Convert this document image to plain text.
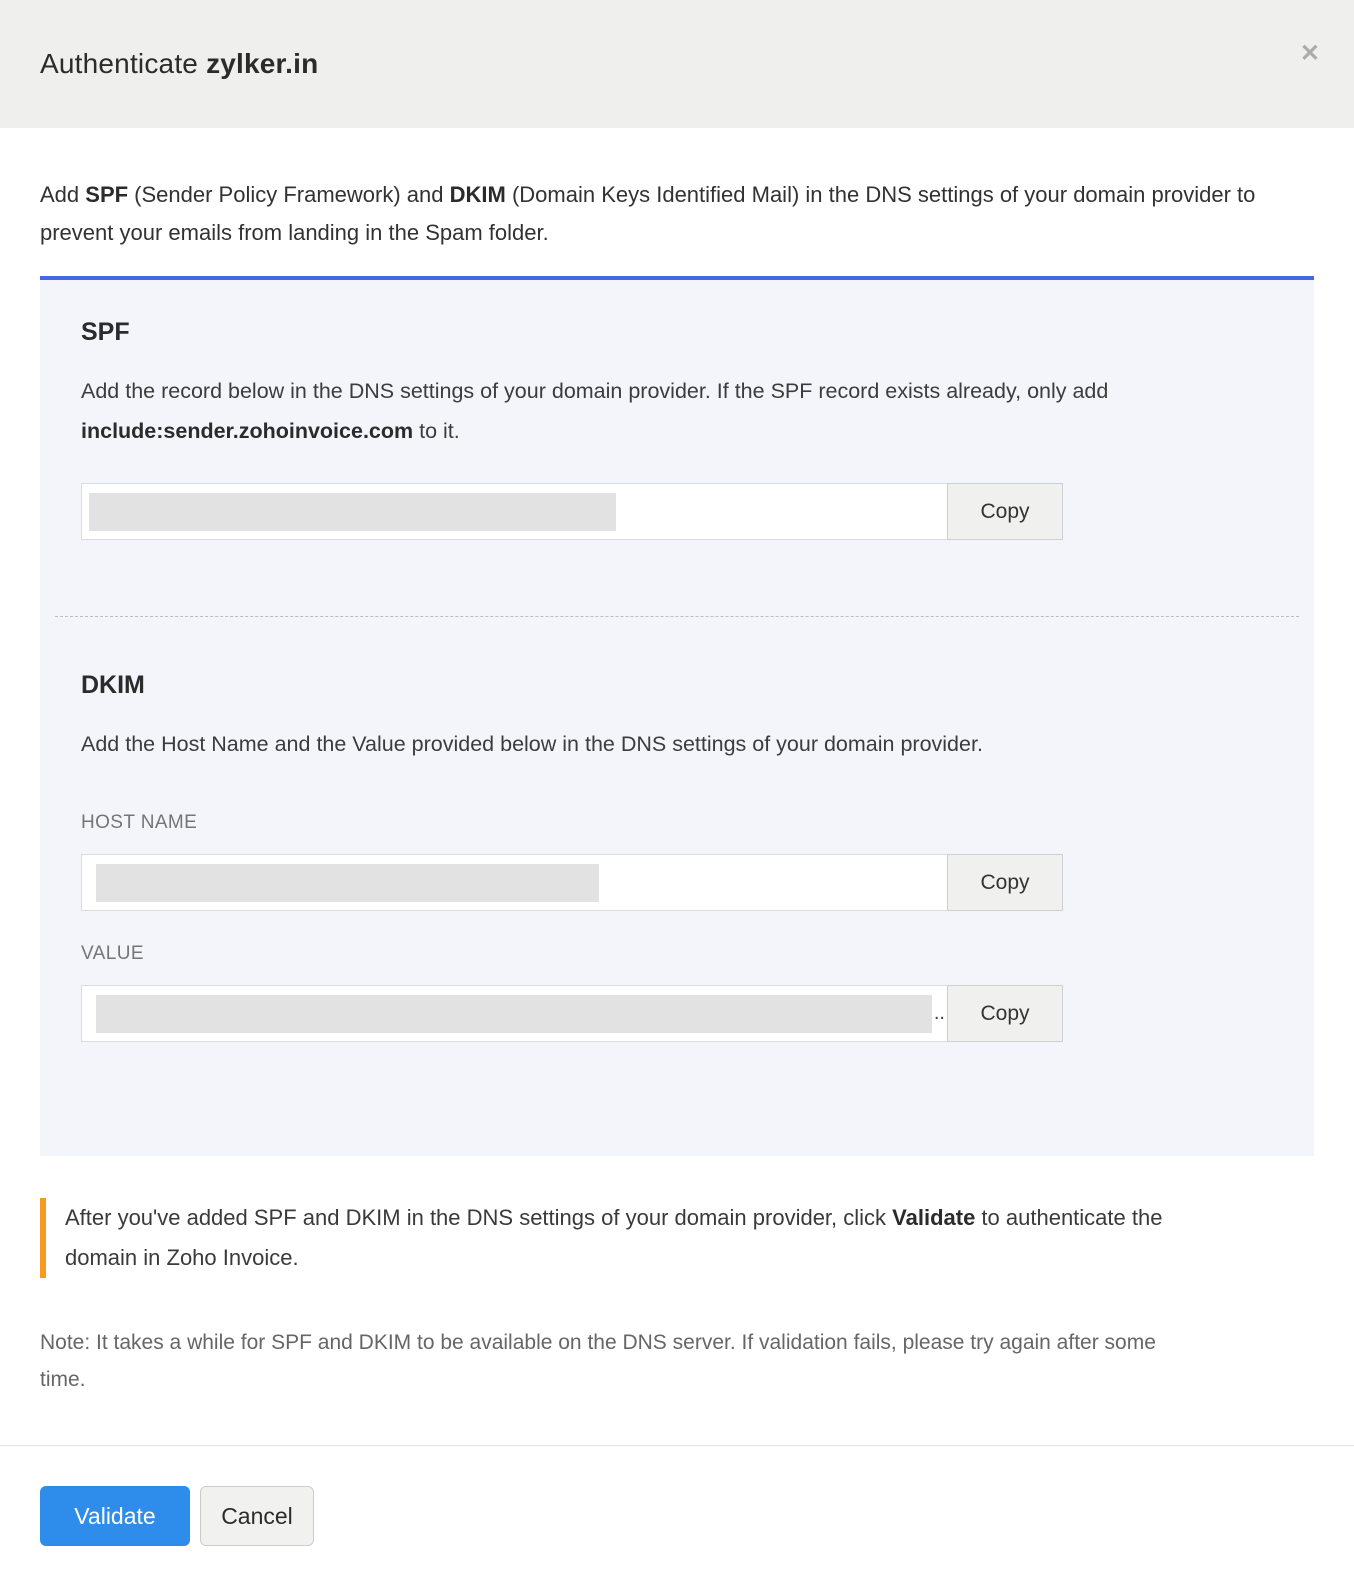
Authenticate zylker.in	✕

Add SPF (Sender Policy Framework) and DKIM (Domain Keys Identified Mail) in the DNS settings of your domain provider to prevent your emails from landing in the Spam folder.

SPF

Add the record below in the DNS settings of your domain provider. If the SPF record exists already, only add include:sender.zohoinvoice.com to it.

Copy
DKIM

Add the Host Name and the Value provided below in the DNS settings of your domain provider.

HOST NAME
Copy
VALUE
..	Copy
After you've added SPF and DKIM in the DNS settings of your domain provider, click Validate to authenticate the domain in Zoho Invoice.

Note: It takes a while for SPF and DKIM to be available on the DNS server. If validation fails, please try again after some time.

Validate	Cancel
